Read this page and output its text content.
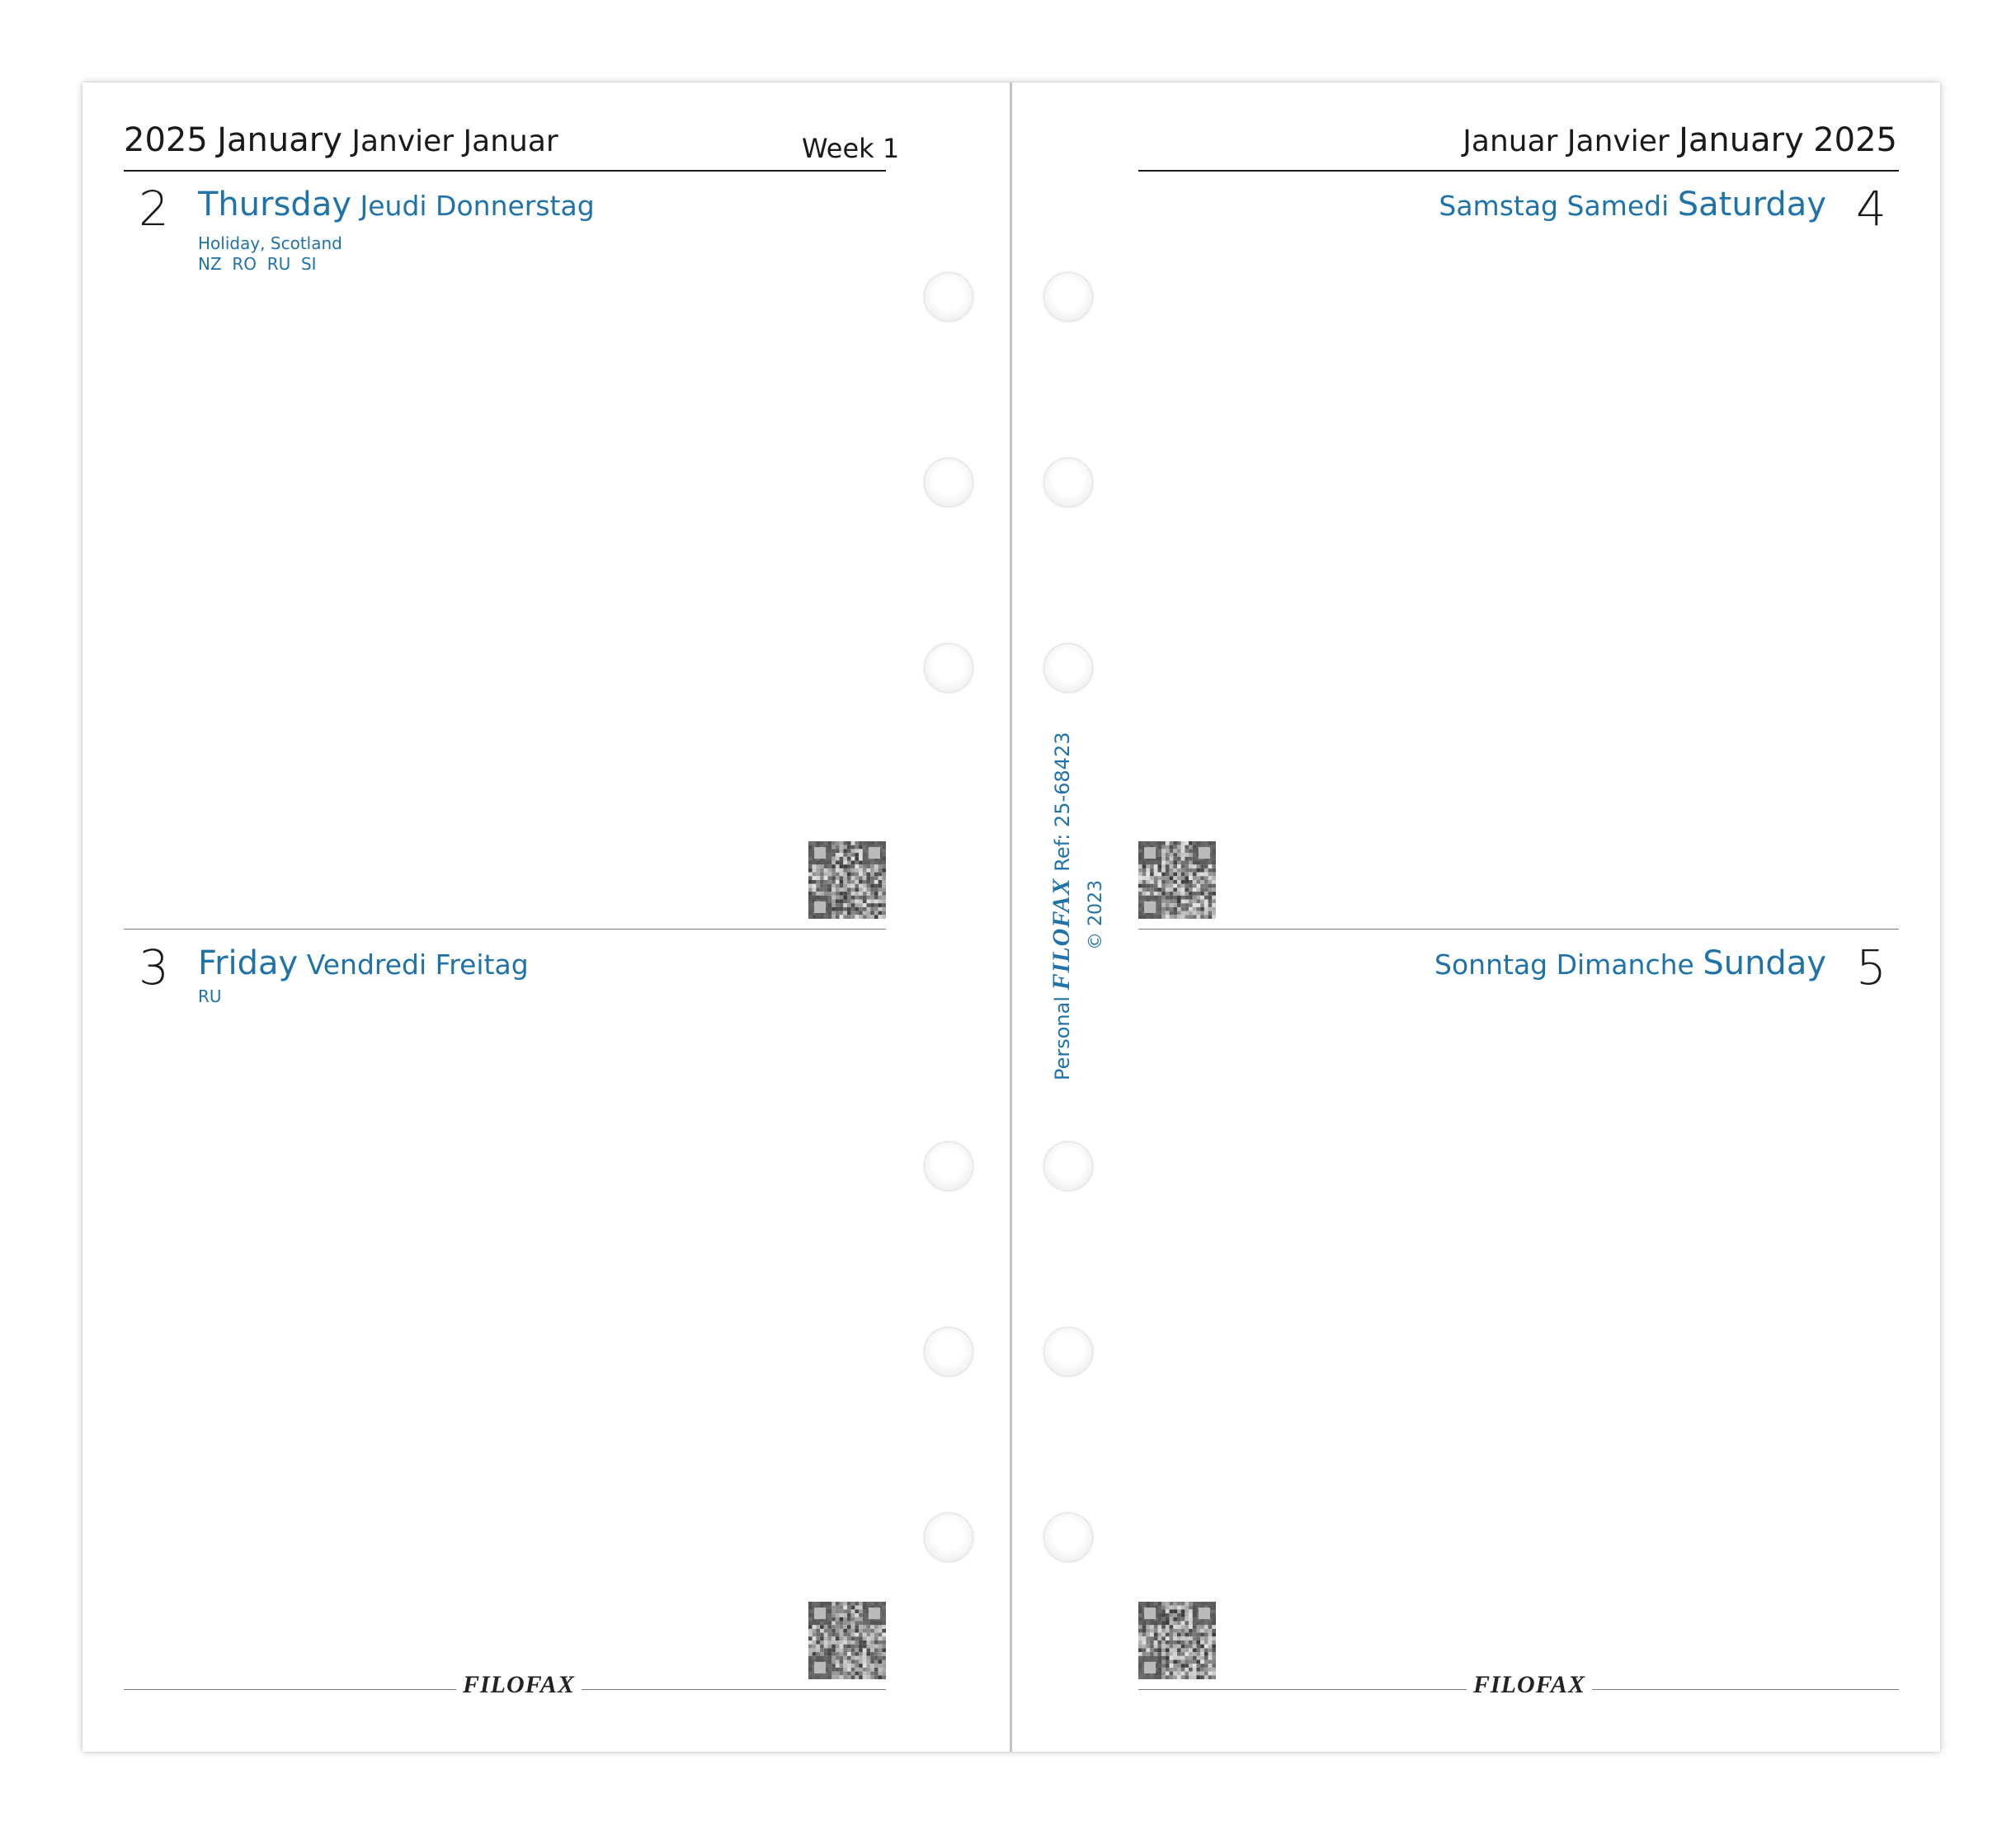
2025 January Janvier Januar	Week 1
2 Thursday Jeudi Donnerstag
Holiday, Scotland
NZ  RO  RU  SI
3 Friday Vendredi Freitag
RU
FILOFAX
Personal FILOFAX Ref: 25-68423
© 2023
Januar Janvier January 2025
Samstag Samedi Saturday 4
Sonntag Dimanche Sunday 5
FILOFAX
